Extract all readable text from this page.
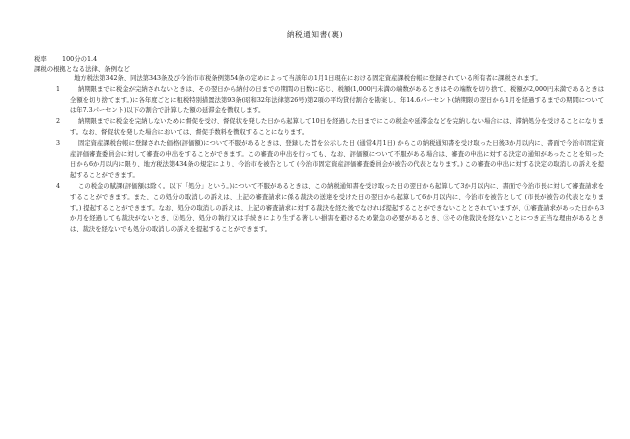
納税通知書(裏)
税率 100分の1.4
課税の根拠となる法律、条例など

地方税法第342条、同法第343条及び今治市市税条例第54条の定めによって当該年の1月1日現在における固定資産課税台帳に登録されている所有者に課税されます。

1	納期限までに税金が完納されないときは、その翌日から納付の日までの期間の日数に応じ、税額(1,000円未満の端数があるときはその端数を切り捨て、税額が2,000円未満であるときは全額を切り捨てます。)に各年度ごとに租税特別措置法第93条(昭和32年法律第26号)第2項の平均貸付割合を勘案し、年14.6パーセント(納期限の翌日から1月を経過するまでの期間については年7.3パーセント)以下の割合で計算した額の延滞金を徴収します。
2	納期限までに税金を完納しないために督促を受け、督促状を発した日から起算して10日を経過した日までにこの税金や延滞金などを完納しない場合には、滞納処分を受けることになります。なお、督促状を発した場合においては、督促手数料を徴収することになります。
3	固定資産課税台帳に登録された価格(評価額)について不服があるときは、登録した旨を公示した日 (通常4月1日) からこの納税通知書を受け取った日後3か月以内に、書面で今治市固定資産評価審査委員会に対して審査の申出をすることができます。この審査の申出を行っても、なお、評価額について不服がある場合は、審査の申出に対する決定の通知があったことを知った日から6か月以内に限り、地方税法第434条の規定により、今治市を被告として (今治市固定資産評価審査委員会が被告の代表となります。) この審査の申出に対する決定の取消しの訴えを提起することができます。
4	この税金の賦課(評価額は除く。以下「処分」という。)について不服があるときは、この納税通知書を受け取った日の翌日から起算して3か月以内に、書面で今治市長に対して審査請求をすることができます。また、この処分の取消しの訴えは、上記の審査請求に係る裁決の送達を受けた日の翌日から起算して6か月以内に、今治市を被告として (市長が被告の代表となります。) 提起することができます。なお、処分の取消しの訴えは、上記の審査請求に対する裁決を経た後でなければ提起することができないこととされていますが、①審査請求があった日から3か月を経過しても裁決がないとき、②処分、処分の執行又は手続きにより生ずる著しい損害を避けるため緊急の必要があるとき、③その他裁決を経ないことにつき正当な理由があるときは、裁決を経ないでも処分の取消しの訴えを提起することができます。
